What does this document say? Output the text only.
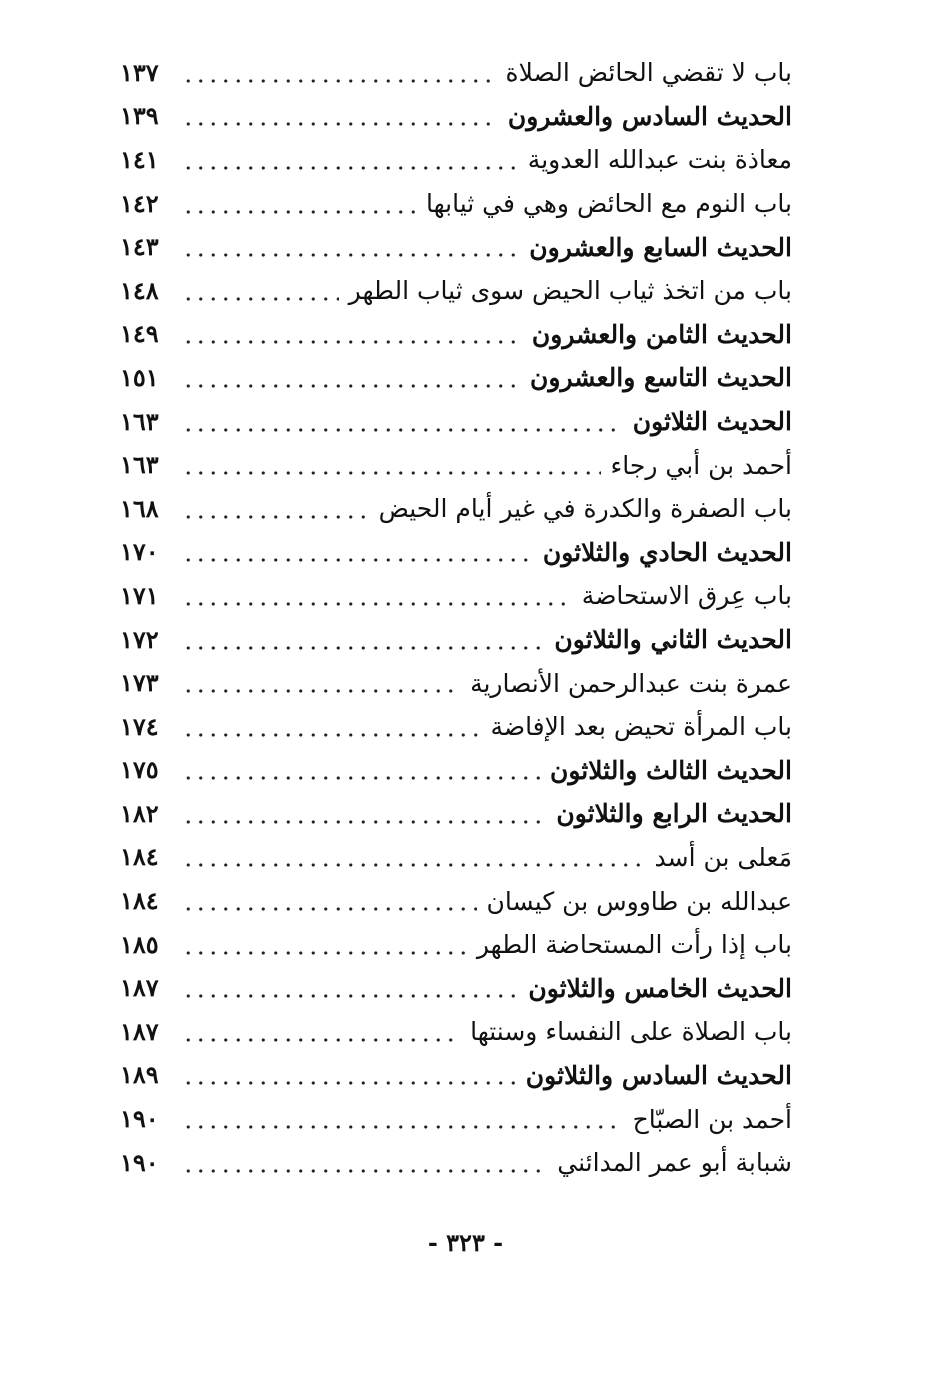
باب لا تقضي الحائض الصلاة
١٣٧
الحديث السادس والعشرون
١٣٩
معاذة بنت عبدالله العدوية
١٤١
باب النوم مع الحائض وهي في ثيابها
١٤٢
الحديث السابع والعشرون
١٤٣
باب من اتخذ ثياب الحيض سوى ثياب الطهر
١٤٨
الحديث الثامن والعشرون
١٤٩
الحديث التاسع والعشرون
١٥١
الحديث الثلاثون
١٦٣
أحمد بن أبي رجاء
١٦٣
باب الصفرة والكدرة في غير أيام الحيض
١٦٨
الحديث الحادي والثلاثون
١٧٠
باب عِرق الاستحاضة
١٧١
الحديث الثاني والثلاثون
١٧٢
عمرة بنت عبدالرحمن الأنصارية
١٧٣
باب المرأة تحيض بعد الإفاضة
١٧٤
الحديث الثالث والثلاثون
١٧٥
الحديث الرابع والثلاثون
١٨٢
مَعلى بن أسد
١٨٤
عبدالله بن طاووس بن كيسان
١٨٤
باب إذا رأت المستحاضة الطهر
١٨٥
الحديث الخامس والثلاثون
١٨٧
باب الصلاة على النفساء وسنتها
١٨٧
الحديث السادس والثلاثون
١٨٩
أحمد بن الصبّاح
١٩٠
شبابة أبو عمر المدائني
١٩٠
- ٣٢٣ -
